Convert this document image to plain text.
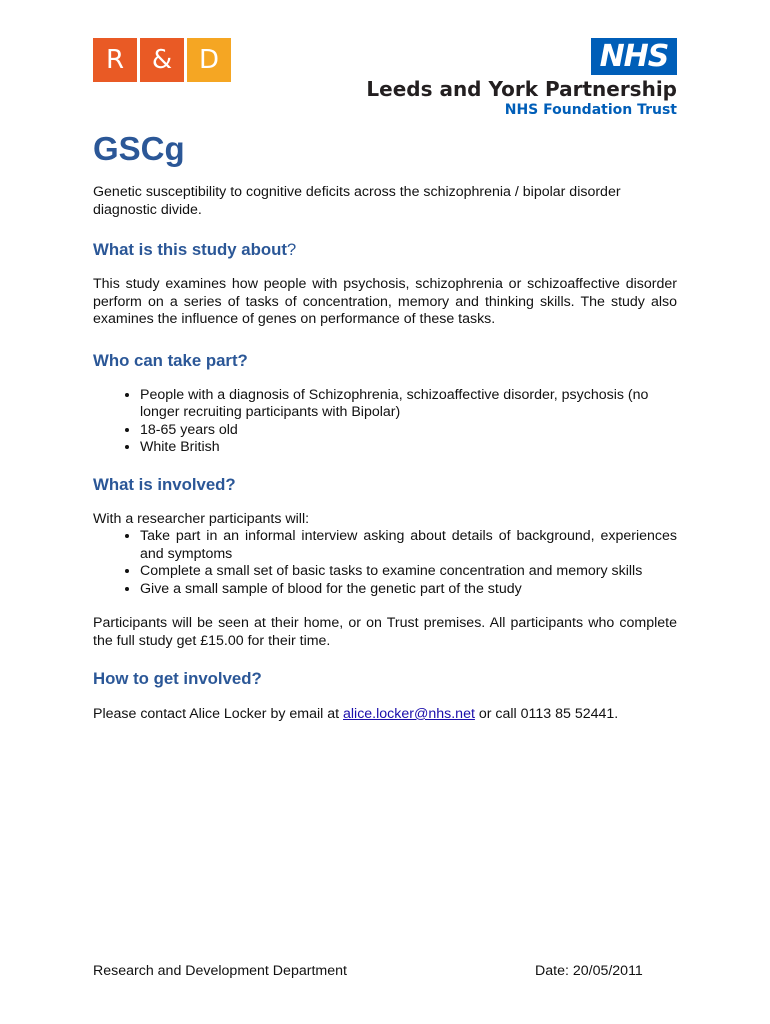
R	&	D	NHS
Leeds and York Partnership
NHS Foundation Trust
GSCg

Genetic susceptibility to cognitive deficits across the schizophrenia / bipolar disorder diagnostic divide.

What is this study about?

This study examines how people with psychosis, schizophrenia or schizoaffective disorder perform on a series of tasks of concentration, memory and thinking skills. The study also examines the influence of genes on performance of these tasks.

Who can take part?
• People with a diagnosis of Schizophrenia, schizoaffective disorder, psychosis (no longer recruiting participants with Bipolar)
• 18-65 years old
• White British
What is involved?

With a researcher participants will:

• Take part in an informal interview asking about details of background, experiences and symptoms
• Complete a small set of basic tasks to examine concentration and memory skills
• Give a small sample of blood for the genetic part of the study

Participants will be seen at their home, or on Trust premises. All participants who complete the full study get £15.00 for their time.

How to get involved?

Please contact Alice Locker by email at alice.locker@nhs.net or call 0113 85 52441.

Research and Development Department	Date: 20/05/2011
